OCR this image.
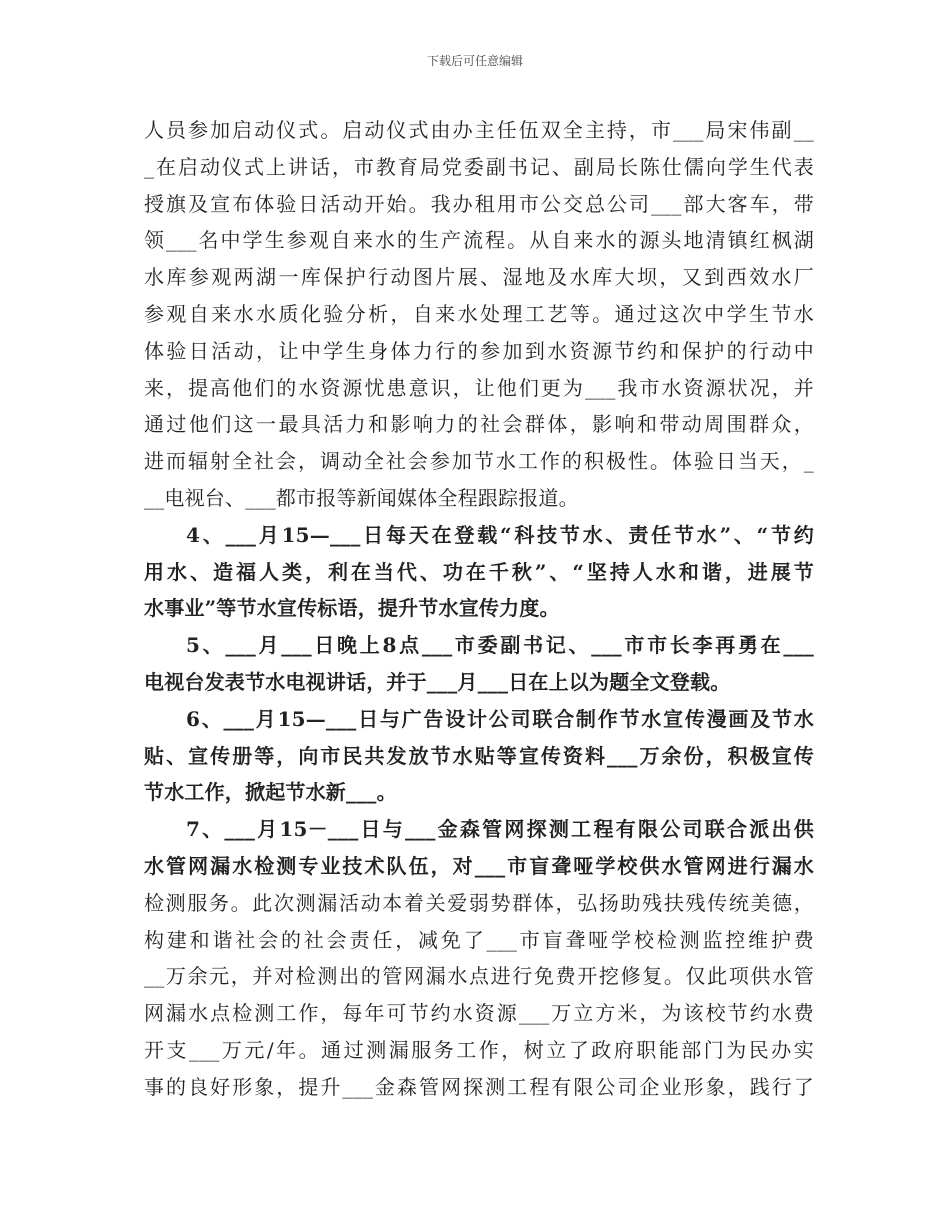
下载后可任意编辑
人员参加启动仪式。启动仪式由办主任伍双全主持，市___局宋伟副__
_在启动仪式上讲话，市教育局党委副书记、副局长陈仕儒向学生代表
授旗及宣布体验日活动开始。我办租用市公交总公司___部大客车，带
领___名中学生参观自来水的生产流程。从自来水的源头地清镇红枫湖
水库参观两湖一库保护行动图片展、湿地及水库大坝，又到西效水厂
参观自来水水质化验分析，自来水处理工艺等。通过这次中学生节水
体验日活动，让中学生身体力行的参加到水资源节约和保护的行动中
来，提高他们的水资源忧患意识，让他们更为___我市水资源状况，并
通过他们这一最具活力和影响力的社会群体，影响和带动周围群众，
进而辐射全社会，调动全社会参加节水工作的积极性。体验日当天，_
__电视台、___都市报等新闻媒体全程跟踪报道。
4、___月15—___日每天在登载“科技节水、责任节水”、“节约
用水、造福人类，利在当代、功在千秋”、“坚持人水和谐，进展节
水事业”等节水宣传标语，提升节水宣传力度。
5、___月___日晚上8点___市委副书记、___市市长李再勇在___
电视台发表节水电视讲话，并于___月___日在上以为题全文登载。
6、___月15—___日与广告设计公司联合制作节水宣传漫画及节水
贴、宣传册等，向市民共发放节水贴等宣传资料___万余份，积极宣传
节水工作，掀起节水新___。
7、___月15－___日与___金森管网探测工程有限公司联合派出供
水管网漏水检测专业技术队伍，对___市盲聋哑学校供水管网进行漏水
检测服务。此次测漏活动本着关爱弱势群体，弘扬助残扶残传统美德，
构建和谐社会的社会责任，减免了___市盲聋哑学校检测监控维护费
__万余元，并对检测出的管网漏水点进行免费开挖修复。仅此项供水管
网漏水点检测工作，每年可节约水资源___万立方米，为该校节约水费
开支___万元/年。通过测漏服务工作，树立了政府职能部门为民办实
事的良好形象，提升___金森管网探测工程有限公司企业形象，践行了
